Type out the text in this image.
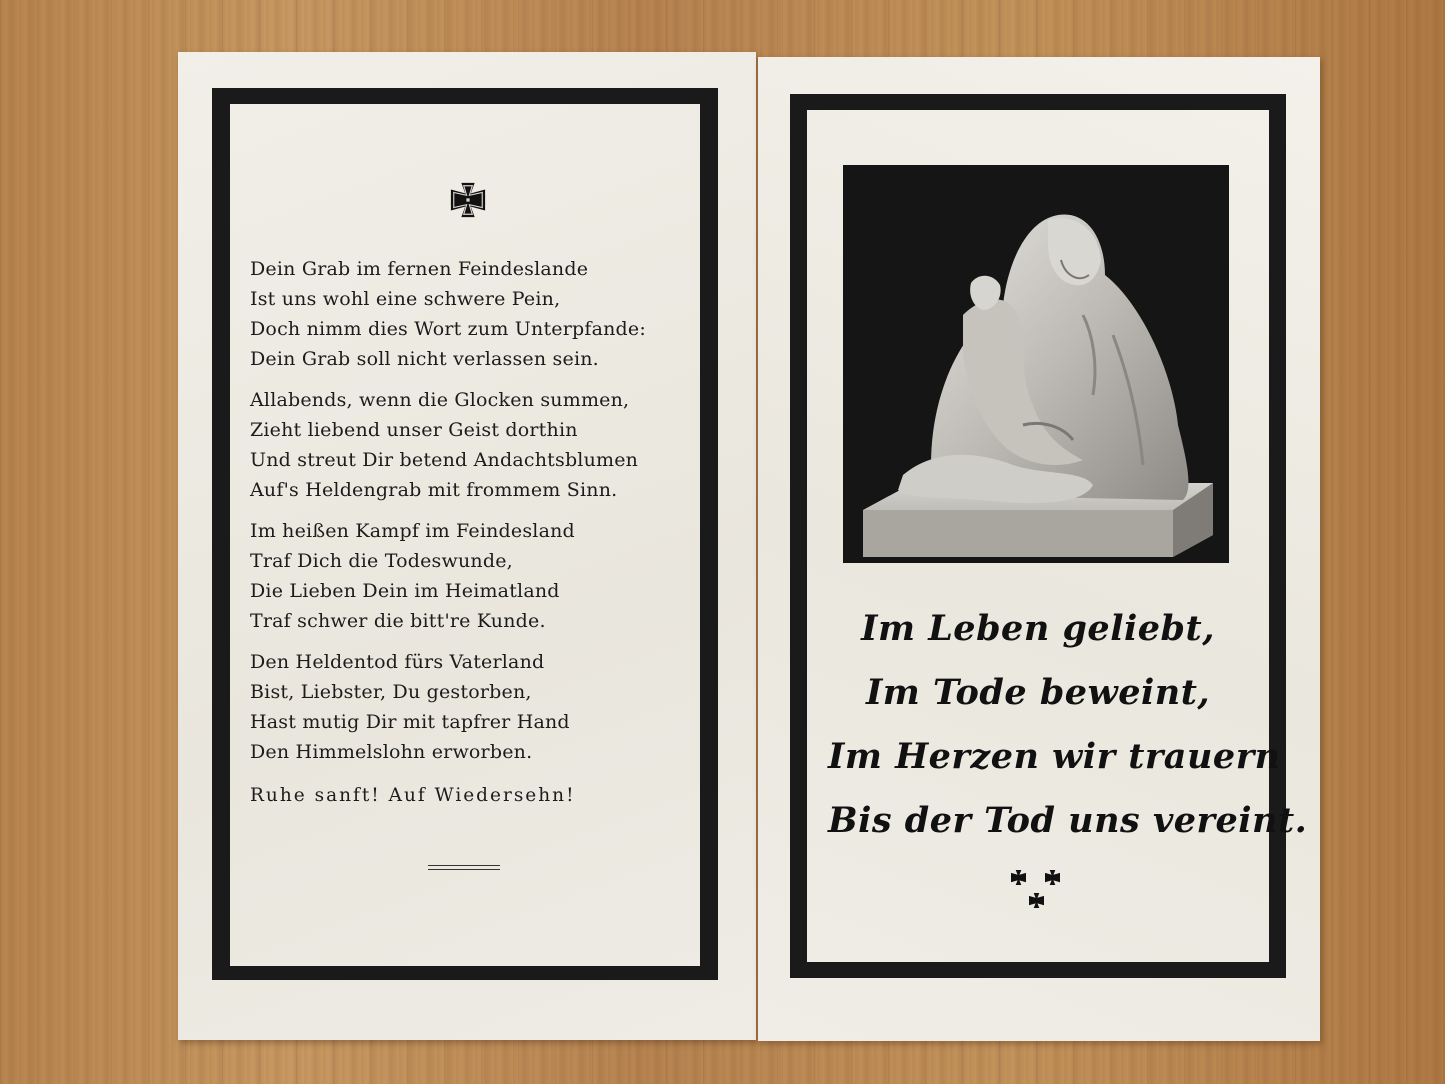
Dein Grab im fernen Feindeslande
Ist uns wohl eine schwere Pein,
Doch nimm dies Wort zum Unterpfande:
Dein Grab soll nicht verlassen sein.
Allabends, wenn die Glocken summen,
Zieht liebend unser Geist dorthin
Und streut Dir betend Andachtsblumen
Auf's Heldengrab mit frommem Sinn.
Im heißen Kampf im Feindesland
Traf Dich die Todeswunde,
Die Lieben Dein im Heimatland
Traf schwer die bitt're Kunde.
Den Heldentod fürs Vaterland
Bist, Liebster, Du gestorben,
Hast mutig Dir mit tapfrer Hand
Den Himmelslohn erworben.
Ruhe sanft! Auf Wiedersehn!
Im Leben geliebt,
Im Tode beweint,
Im Herzen wir trauern
Bis der Tod uns vereint.
